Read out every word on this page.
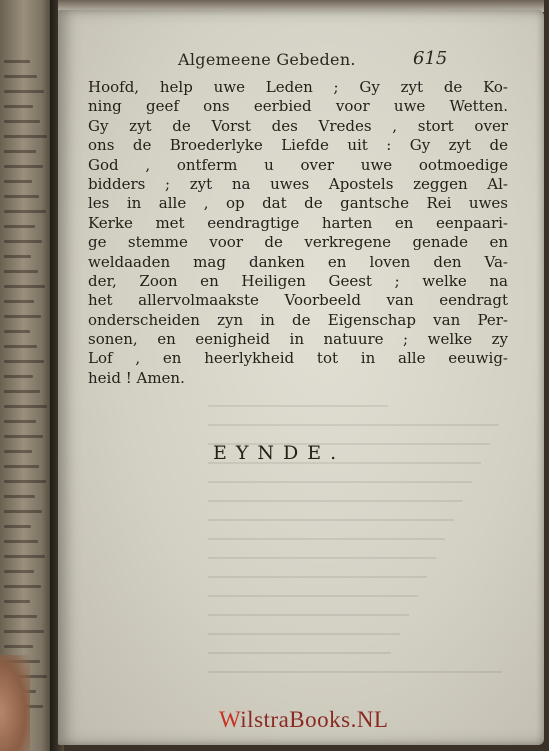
Algemeene Gebeden.	615
Hoofd, help uwe Leden ; Gy zyt de Ko-
ning geef ons eerbied voor uwe Wetten.
Gy zyt de Vorst des Vredes , stort over
ons de Broederlyke Liefde uit : Gy zyt de
God , ontferm u over uwe ootmoedige
bidders ; zyt na uwes Apostels zeggen Al-
les in alle , op dat de gantsche Rei uwes
Kerke met eendragtige harten en eenpaari-
ge stemme voor de verkregene genade en
weldaaden mag danken en loven den Va-
der, Zoon en Heiligen Geest ; welke na
het allervolmaakste Voorbeeld van eendragt
onderscheiden zyn in de Eigenschap van Per-
sonen, en eenigheid in natuure ; welke zy
Lof , en heerlykheid tot in alle eeuwig-
heid ! Amen.
EYNDE.
WilstraBooks.NL
